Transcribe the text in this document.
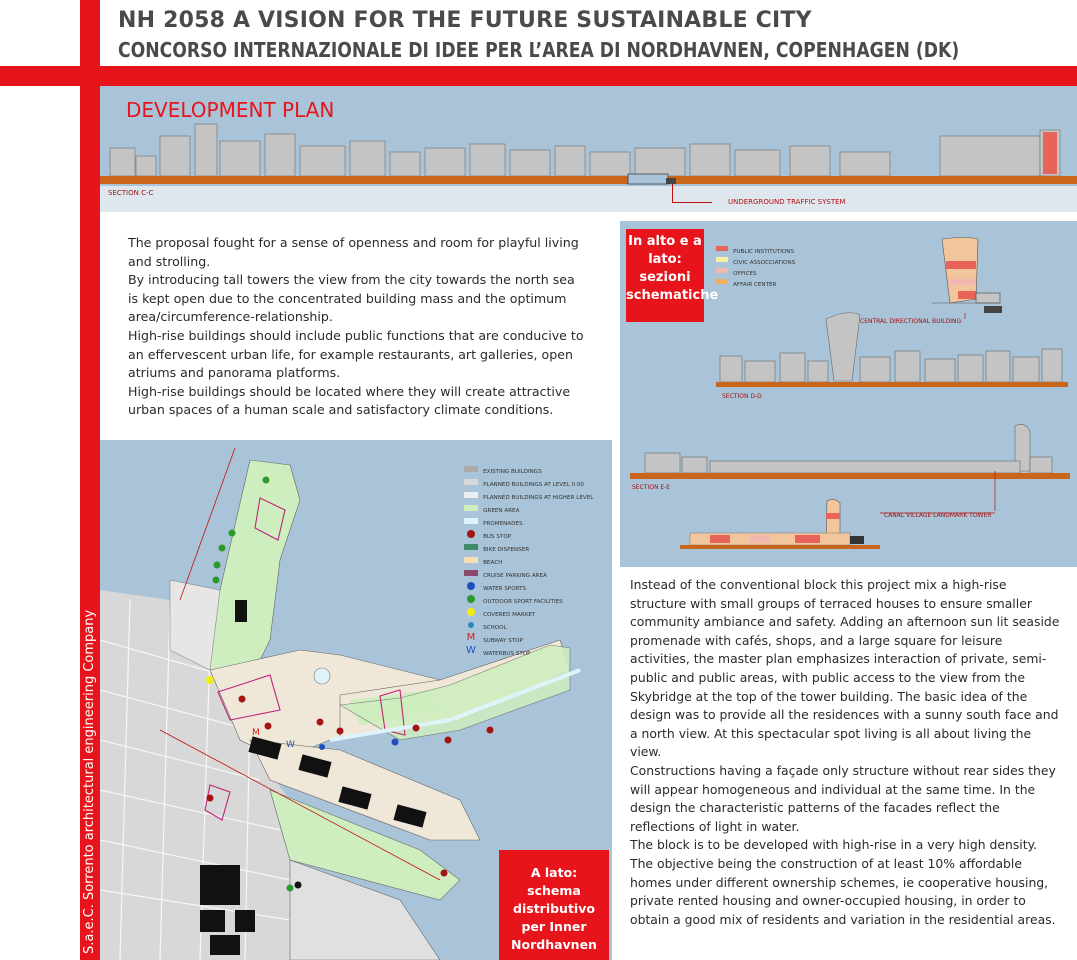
NH 2058 A VISION FOR THE FUTURE SUSTAINABLE CITY
CONCORSO INTERNAZIONALE DI IDEE PER L’AREA DI NORDHAVNEN, COPENHAGEN (DK)
DEVELOPMENT PLAN
SECTION C-C
UNDERGROUND TRAFFIC SYSTEM
The proposal fought for a sense of openness and room for playful living and strolling.
By introducing tall towers the view from the city towards the north sea is kept open due to the concentrated building mass and the optimum area/circumference-relationship.
High-rise buildings should include public functions that are conducive to an effervescent urban life, for example restaurants, art galleries, open atriums and panorama platforms.
High-rise buildings should be located where they will create attractive urban spaces of a human scale and satisfactory climate conditions.
In alto e a lato: sezioni schematiche
PUBLIC INSTITUTIONS
CIVIC ASSOCCIATIONS
OFFICES
AFFAIR CENTER
CENTRAL DIRECTIONAL BUILDING
SECTION D-D
SECTION E-E
CANAL VILLAGE LANDMARK TOWER
M
W
EXISTING BUILDINGS
PLANNED BUILDINGS AT LEVEL 0.00
PLANNED BUILDINGS AT HIGHER LEVEL
GREEN AREA
PROMENADES
BUS STOP
BIKE DISPENSER
BEACH
CRUISE PARKING AREA
WATER SPORTS
OUTDOOR SPORT FACILITIES
COVERED MARKET
SCHOOL
M SUBWAY STOP
W WATERBUS STOP
A lato: schema distributivo per Inner Nordhavnen
Instead of the conventional block this project mix a high-rise structure with small groups of terraced houses to ensure smaller community ambiance and safety. Adding an afternoon sun lit seaside promenade with cafés, shops, and a large square for leisure activities, the master plan emphasizes interaction of private, semi-public and public areas, with public access to the view from the Skybridge at the top of the tower building. The basic idea of the design was to provide all the residences with a sunny south face and a north view. At this spectacular spot living is all about living the view.
Constructions having a façade only structure without rear sides they will appear homogeneous and individual at the same time. In the design the characteristic patterns of the facades reflect the reflections of light in water.
The block is to be developed with high-rise in a very high density. The objective being the construction of at least 10% affordable homes under different ownership schemes, ie cooperative housing, private rented housing and owner-occupied housing, in order to obtain a good mix of residents and variation in the residential areas.
S.a.e.C. Sorrento architectural engineering Company
